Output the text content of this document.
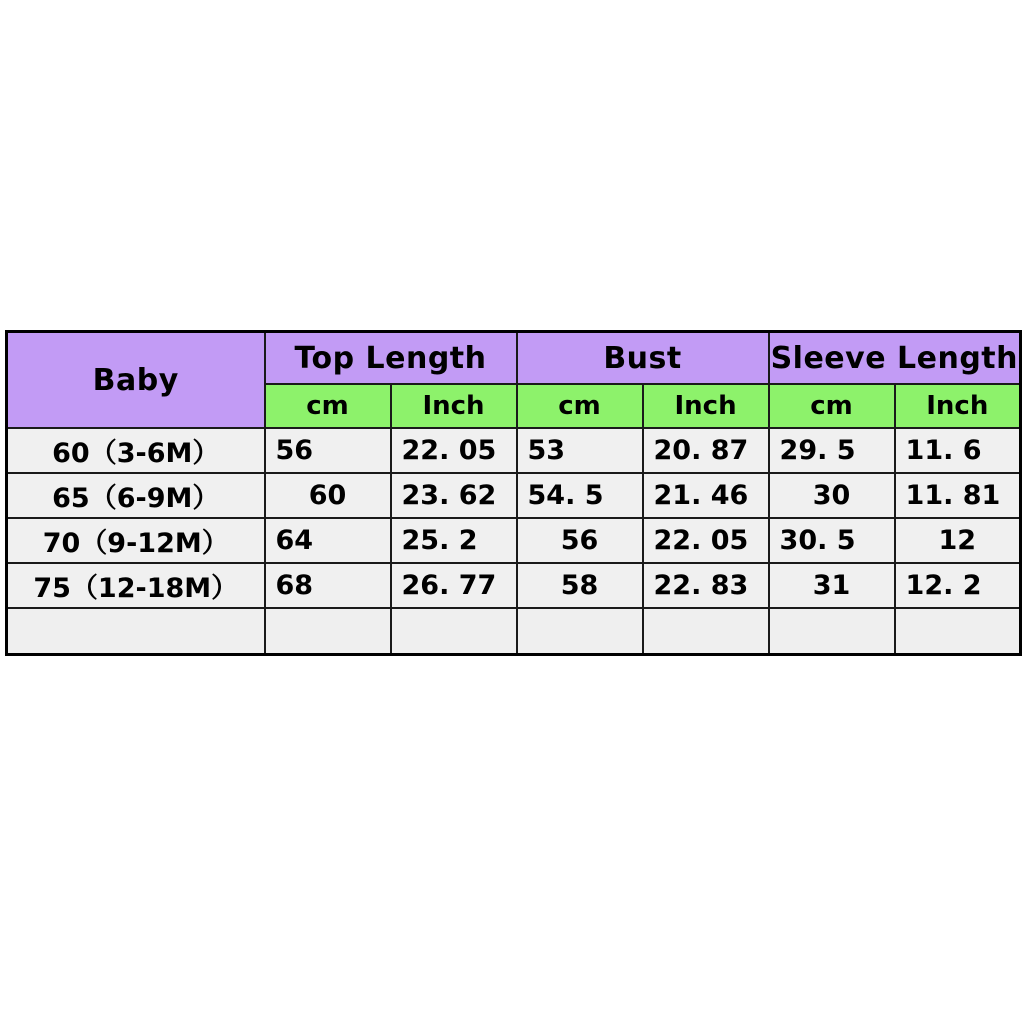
Baby	Top Length		Bust		Sleeve Length	
	cm	Inch	cm	Inch	cm	Inch
60（3-6M）	56	22. 05	53	20. 87	29. 5	11. 6
65（6-9M）	60	23. 62	54. 5	21. 46	30	11. 81
70（9-12M）	64	25. 2	56	22. 05	30. 5	12
75（12-18M）	68	26. 77	58	22. 83	31	12. 2
